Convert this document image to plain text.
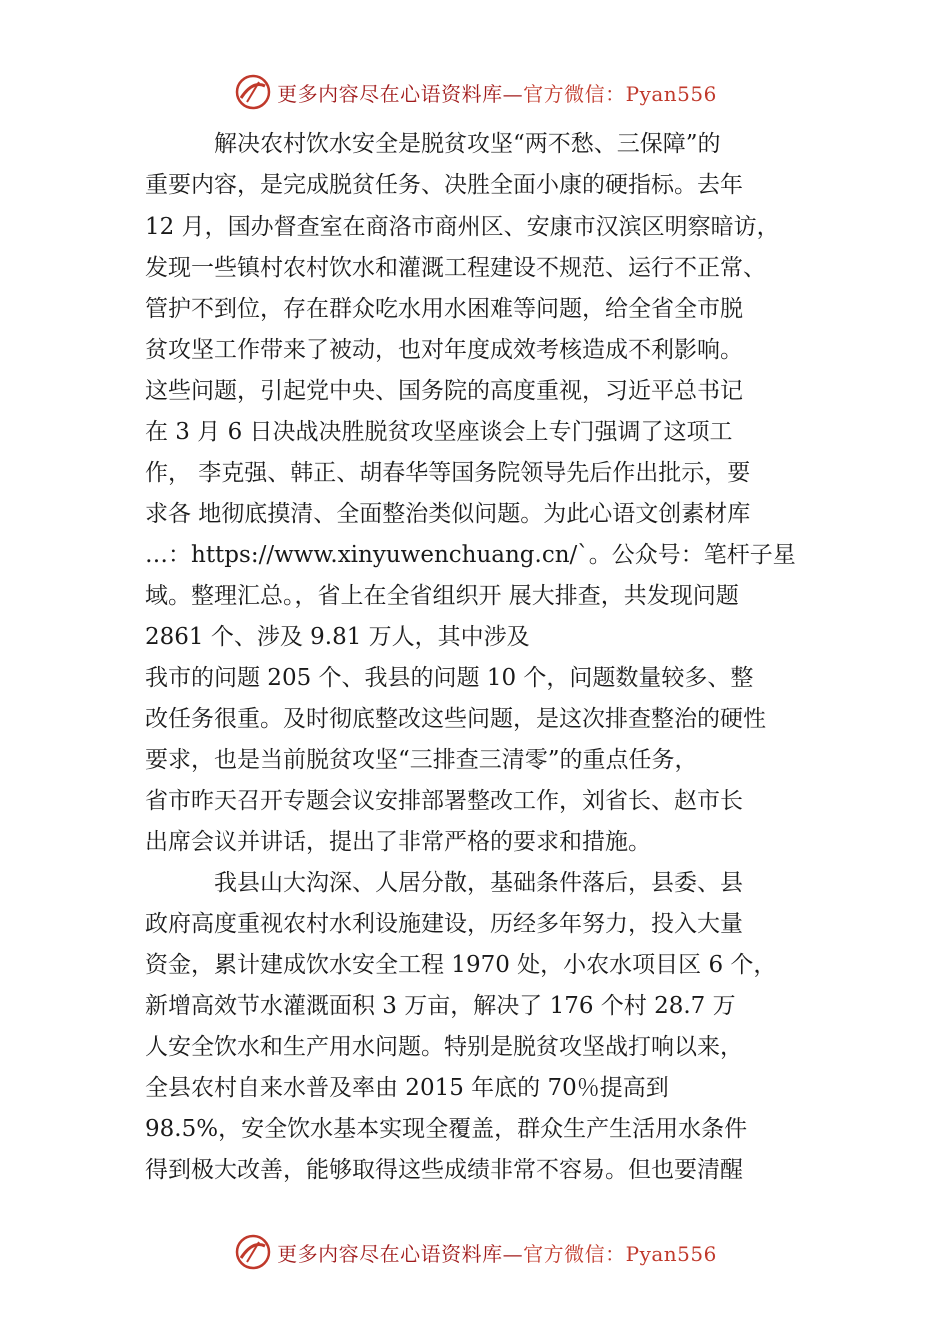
更多内容尽在心语资料库—官方微信：Pyan556
　　　解决农村饮水安全是脱贫攻坚“两不愁、三保障”的
重要内容，是完成脱贫任务、决胜全面小康的硬指标。去年
12 月，国办督查室在商洛市商州区、安康市汉滨区明察暗访，
发现一些镇村农村饮水和灌溉工程建设不规范、运行不正常、
管护不到位，存在群众吃水用水困难等问题，给全省全市脱
贫攻坚工作带来了被动，也对年度成效考核造成不利影响。
这些问题，引起党中央、国务院的高度重视，习近平总书记
在 3 月 6 日决战决胜脱贫攻坚座谈会上专门强调了这项工
作， 李克强、韩正、胡春华等国务院领导先后作出批示，要
求各 地彻底摸清、全面整治类似问题。为此心语文创素材库
…：https://www.xinyuwenchuang.cn/`。公众号：笔杆子星
域。整理汇总。，省上在全省组织开 展大排查，共发现问题
2861 个、涉及 9.81 万人，其中涉及
我市的问题 205 个、我县的问题 10 个，问题数量较多、整
改任务很重。及时彻底整改这些问题，是这次排查整治的硬性
要求，也是当前脱贫攻坚“三排查三清零”的重点任务，
省市昨天召开专题会议安排部署整改工作，刘省长、赵市长
出席会议并讲话，提出了非常严格的要求和措施。
　　　我县山大沟深、人居分散，基础条件落后，县委、县
政府高度重视农村水利设施建设，历经多年努力，投入大量
资金，累计建成饮水安全工程 1970 处，小农水项目区 6 个，
新增高效节水灌溉面积 3 万亩，解决了 176 个村 28.7 万
人安全饮水和生产用水问题。特别是脱贫攻坚战打响以来，
全县农村自来水普及率由 2015 年底的 70％提高到
98.5%，安全饮水基本实现全覆盖，群众生产生活用水条件
得到极大改善，能够取得这些成绩非常不容易。但也要清醒
更多内容尽在心语资料库—官方微信：Pyan556
